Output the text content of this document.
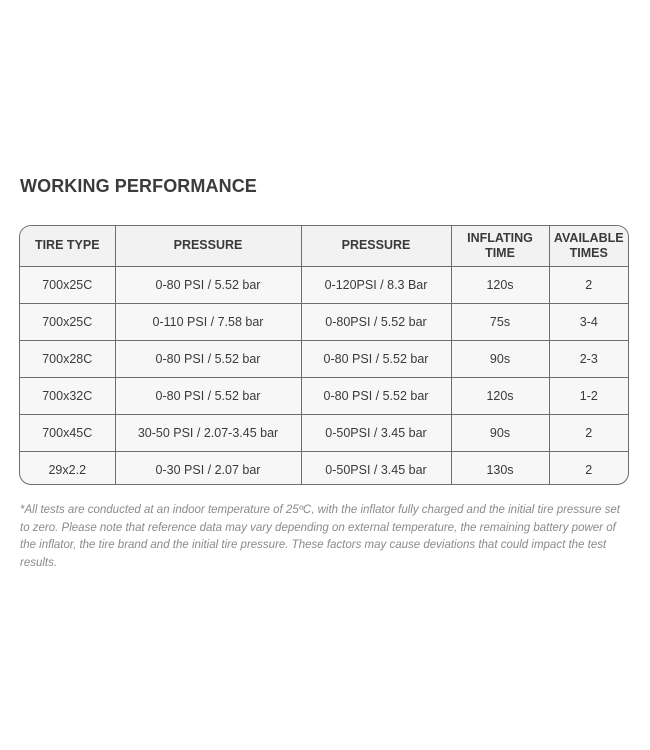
WORKING PERFORMANCE
TIRE TYPE	PRESSURE	PRESSURE	INFLATING TIME	AVAILABLE TIMES
700x25C	0-80 PSI / 5.52 bar	0-120PSI / 8.3 Bar	120s	2
700x25C	0-110 PSI / 7.58 bar	0-80PSI / 5.52 bar	75s	3-4
700x28C	0-80 PSI / 5.52 bar	0-80 PSI / 5.52 bar	90s	2-3
700x32C	0-80 PSI / 5.52 bar	0-80 PSI / 5.52 bar	120s	1-2
700x45C	30-50 PSI / 2.07-3.45 bar	0-50PSI / 3.45 bar	90s	2
29x2.2	0-30 PSI / 2.07 bar	0-50PSI / 3.45 bar	130s	2

*All tests are conducted at an indoor temperature of 25ºC, with the inflator fully charged and the initial tire pressure set to zero. Please note that reference data may vary depending on external temperature, the remaining battery power of the inflator, the tire brand and the initial tire pressure. These factors may cause deviations that could impact the test results.
